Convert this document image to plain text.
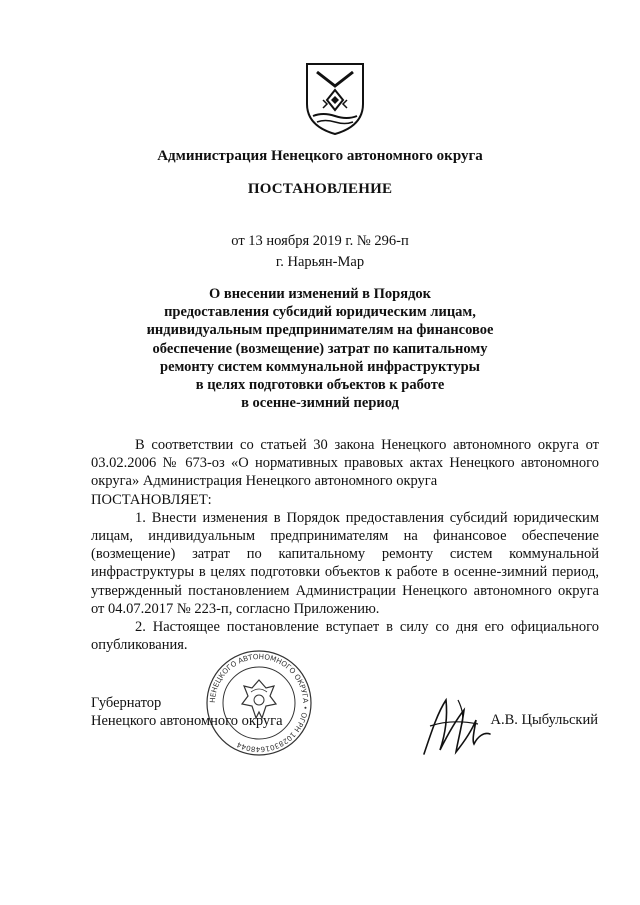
Администрация Ненецкого автономного округа
ПОСТАНОВЛЕНИЕ
от 13 ноября 2019 г. № 296-п
г. Нарьян-Мар
О внесении изменений в Порядок
предоставления субсидий юридическим лицам,
индивидуальным предпринимателям на финансовое
обеспечение (возмещение) затрат по капитальному
ремонту систем коммунальной инфраструктуры
в целях подготовки объектов к работе
в осенне-зимний период
В соответствии со статьей 30 закона Ненецкого автономного округа от 03.02.2006 № 673-оз «О нормативных правовых актах Ненецкого автономного округа» Администрация Ненецкого автономного округа
ПОСТАНОВЛЯЕТ:
1. Внести изменения в Порядок предоставления субсидий юридическим лицам, индивидуальным предпринимателям на финансовое обеспечение (возмещение) затрат по капитальному ремонту систем коммунальной инфраструктуры в целях подготовки объектов к работе в осенне-зимний период, утвержденный постановлением Администрации Ненецкого автономного округа от 04.07.2017 № 223-п, согласно Приложению.
2. Настоящее постановление вступает в силу со дня его официального опубликования.
НЕНЕЦКОГО АВТОНОМНОГО ОКРУГА • ОГРН 1028301648044
Губернатор
Ненецкого автономного округа	А.В. Цыбульский
